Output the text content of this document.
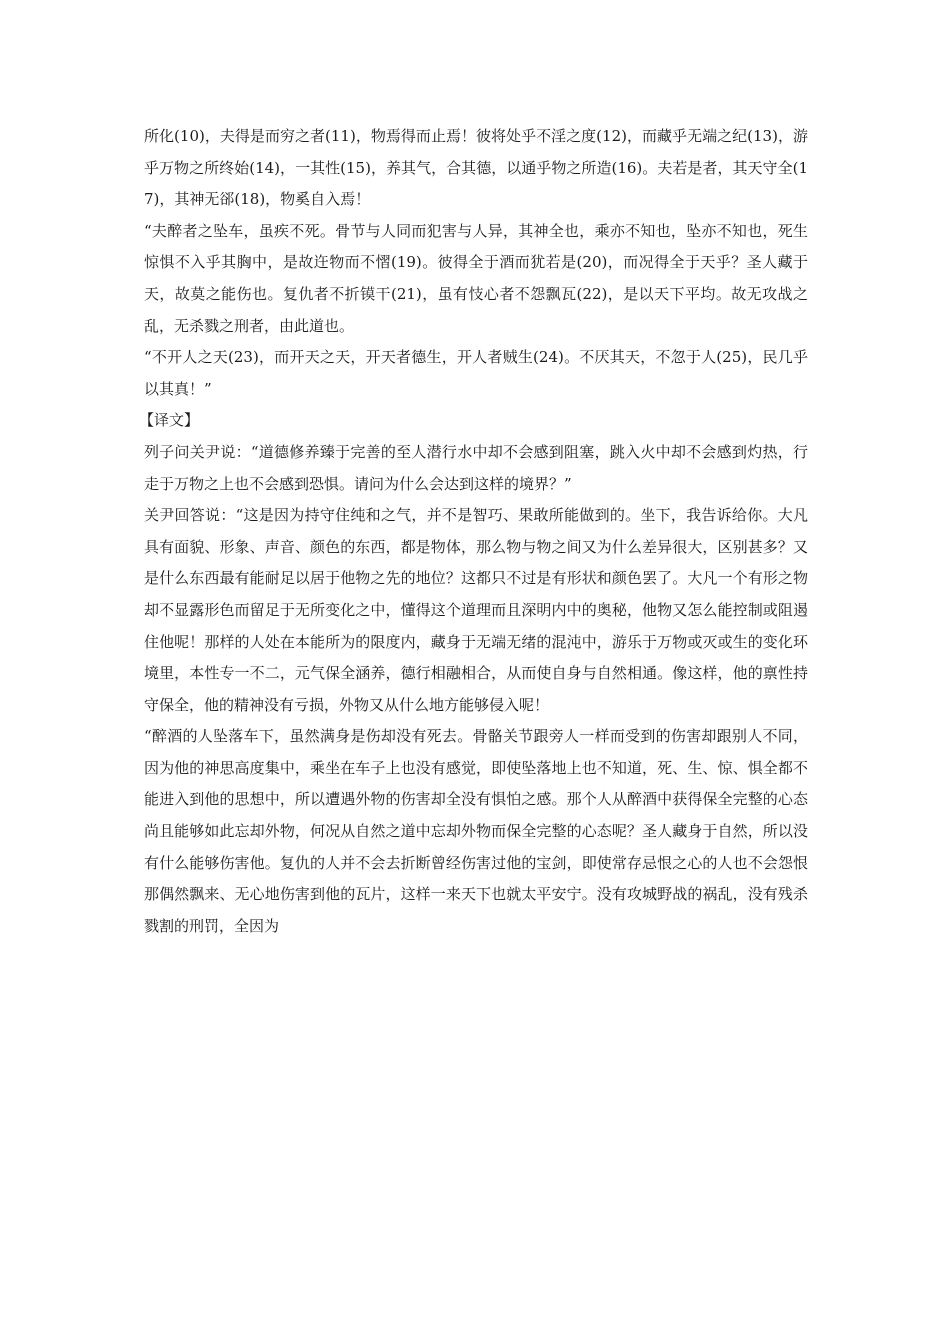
所化(10)，夫得是而穷之者(11)，物焉得而止焉！彼将处乎不淫之度(12)，而藏乎无端之纪(13)，游乎万物之所终始(14)，一其性(15)，养其气，合其德，以通乎物之所造(16)。夫若是者，其天守全(17)，其神无郤(18)，物奚自入焉！

“夫醉者之坠车，虽疾不死。骨节与人同而犯害与人异，其神全也，乘亦不知也，坠亦不知也，死生惊惧不入乎其胸中，是故迕物而不慴(19)。彼得全于酒而犹若是(20)，而况得全于天乎？圣人藏于天，故莫之能伤也。复仇者不折镆干(21)，虽有忮心者不怨飘瓦(22)，是以天下平均。故无攻战之乱，无杀戮之刑者，由此道也。

“不开人之天(23)，而开天之天，开天者德生，开人者贼生(24)。不厌其天，不忽于人(25)，民几乎以其真！”

【译文】

列子问关尹说：“道德修养臻于完善的至人潜行水中却不会感到阻塞，跳入火中却不会感到灼热，行走于万物之上也不会感到恐惧。请问为什么会达到这样的境界？”

关尹回答说：“这是因为持守住纯和之气，并不是智巧、果敢所能做到的。坐下，我告诉给你。大凡具有面貌、形象、声音、颜色的东西，都是物体，那么物与物之间又为什么差异很大，区别甚多？又是什么东西最有能耐足以居于他物之先的地位？这都只不过是有形状和颜色罢了。大凡一个有形之物却不显露形色而留足于无所变化之中，懂得这个道理而且深明内中的奥秘，他物又怎么能控制或阻遏住他呢！那样的人处在本能所为的限度内，藏身于无端无绪的混沌中，游乐于万物或灭或生的变化环境里，本性专一不二，元气保全涵养，德行相融相合，从而使自身与自然相通。像这样，他的禀性持守保全，他的精神没有亏损，外物又从什么地方能够侵入呢！

“醉酒的人坠落车下，虽然满身是伤却没有死去。骨骼关节跟旁人一样而受到的伤害却跟别人不同，因为他的神思高度集中，乘坐在车子上也没有感觉，即使坠落地上也不知道，死、生、惊、惧全都不能进入到他的思想中，所以遭遇外物的伤害却全没有惧怕之感。那个人从醉酒中获得保全完整的心态尚且能够如此忘却外物，何况从自然之道中忘却外物而保全完整的心态呢？圣人藏身于自然，所以没有什么能够伤害他。复仇的人并不会去折断曾经伤害过他的宝剑，即使常存忌恨之心的人也不会怨恨那偶然飘来、无心地伤害到他的瓦片，这样一来天下也就太平安宁。没有攻城野战的祸乱，没有残杀戮割的刑罚，全因为
